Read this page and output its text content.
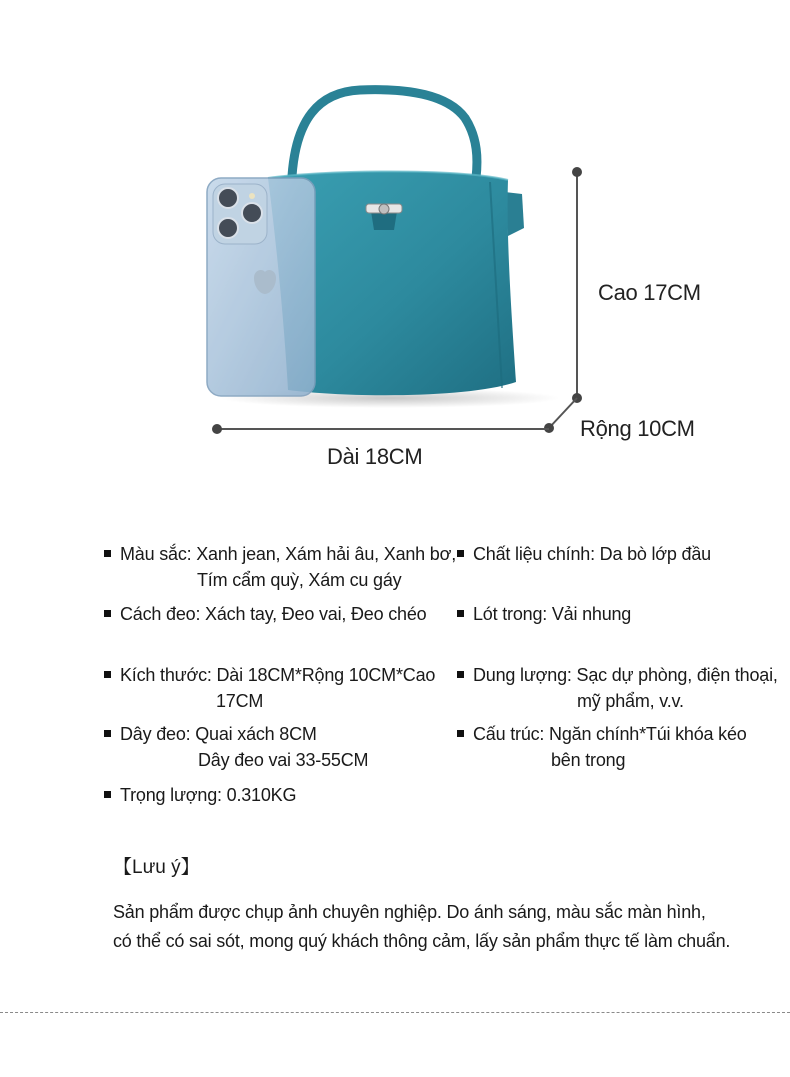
Cao 17CM
Rộng 10CM
Dài 18CM
Màu sắc: Xanh jean, Xám hải âu, Xanh bơ,
Tím cẩm quỳ, Xám cu gáy
Cách đeo: Xách tay, Đeo vai, Đeo chéo
Kích thước: Dài 18CM*Rộng 10CM*Cao
17CM
Dây đeo: Quai xách 8CM
Dây đeo vai 33-55CM
Trọng lượng: 0.310KG
Chất liệu chính: Da bò lớp đầu
Lót trong: Vải nhung
Dung lượng: Sạc dự phòng, điện thoại,
mỹ phẩm, v.v.
Cấu trúc: Ngăn chính*Túi khóa kéo
bên trong
【Lưu ý】
Sản phẩm được chụp ảnh chuyên nghiệp. Do ánh sáng, màu sắc màn hình,
có thể có sai sót, mong quý khách thông cảm, lấy sản phẩm thực tế làm chuẩn.
